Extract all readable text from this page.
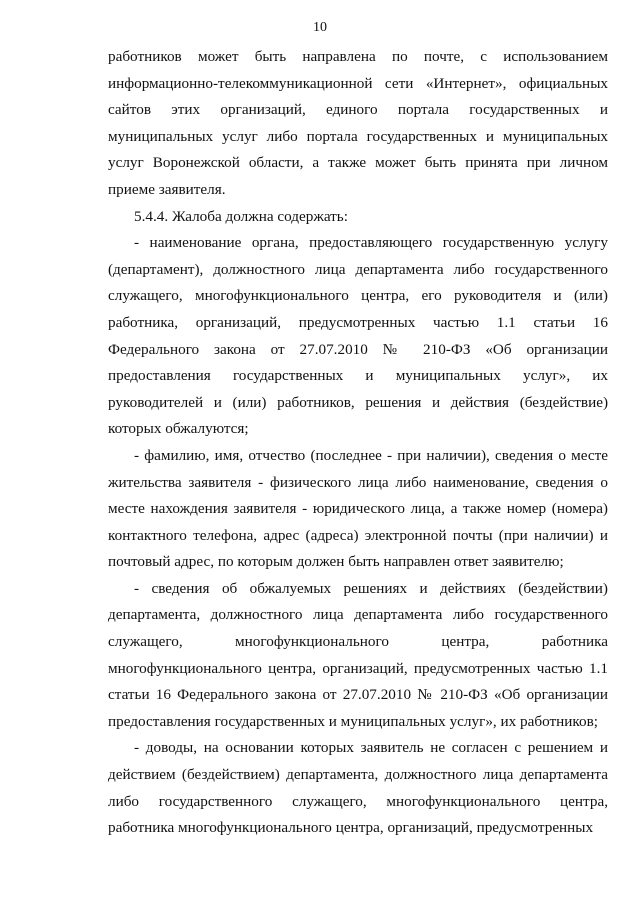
10

работников может быть направлена по почте, с использованием информационно-телекоммуникационной сети «Интернет», официальных сайтов этих организаций, единого портала государственных и муниципальных услуг либо портала государственных и муниципальных услуг Воронежской области, а также может быть принята при личном приеме заявителя.

5.4.4. Жалоба должна содержать:

- наименование органа, предоставляющего государственную услугу (департамент), должностного лица департамента либо государственного служащего, многофункционального центра, его руководителя и (или) работника, организаций, предусмотренных частью 1.1 статьи 16 Федерального закона от 27.07.2010 № 210-ФЗ «Об организации предоставления государственных и муниципальных услуг», их руководителей и (или) работников, решения и действия (бездействие) которых обжалуются;

- фамилию, имя, отчество (последнее - при наличии), сведения о месте жительства заявителя - физического лица либо наименование, сведения о месте нахождения заявителя - юридического лица, а также номер (номера) контактного телефона, адрес (адреса) электронной почты (при наличии) и почтовый адрес, по которым должен быть направлен ответ заявителю;

- сведения об обжалуемых решениях и действиях (бездействии) департамента, должностного лица департамента либо государственного служащего, многофункционального центра, работника многофункционального центра, организаций, предусмотренных частью 1.1 статьи 16 Федерального закона от 27.07.2010 № 210-ФЗ «Об организации предоставления государственных и муниципальных услуг», их работников;

- доводы, на основании которых заявитель не согласен с решением и действием (бездействием) департамента, должностного лица департамента либо государственного служащего, многофункционального центра, работника многофункционального центра, организаций, предусмотренных
